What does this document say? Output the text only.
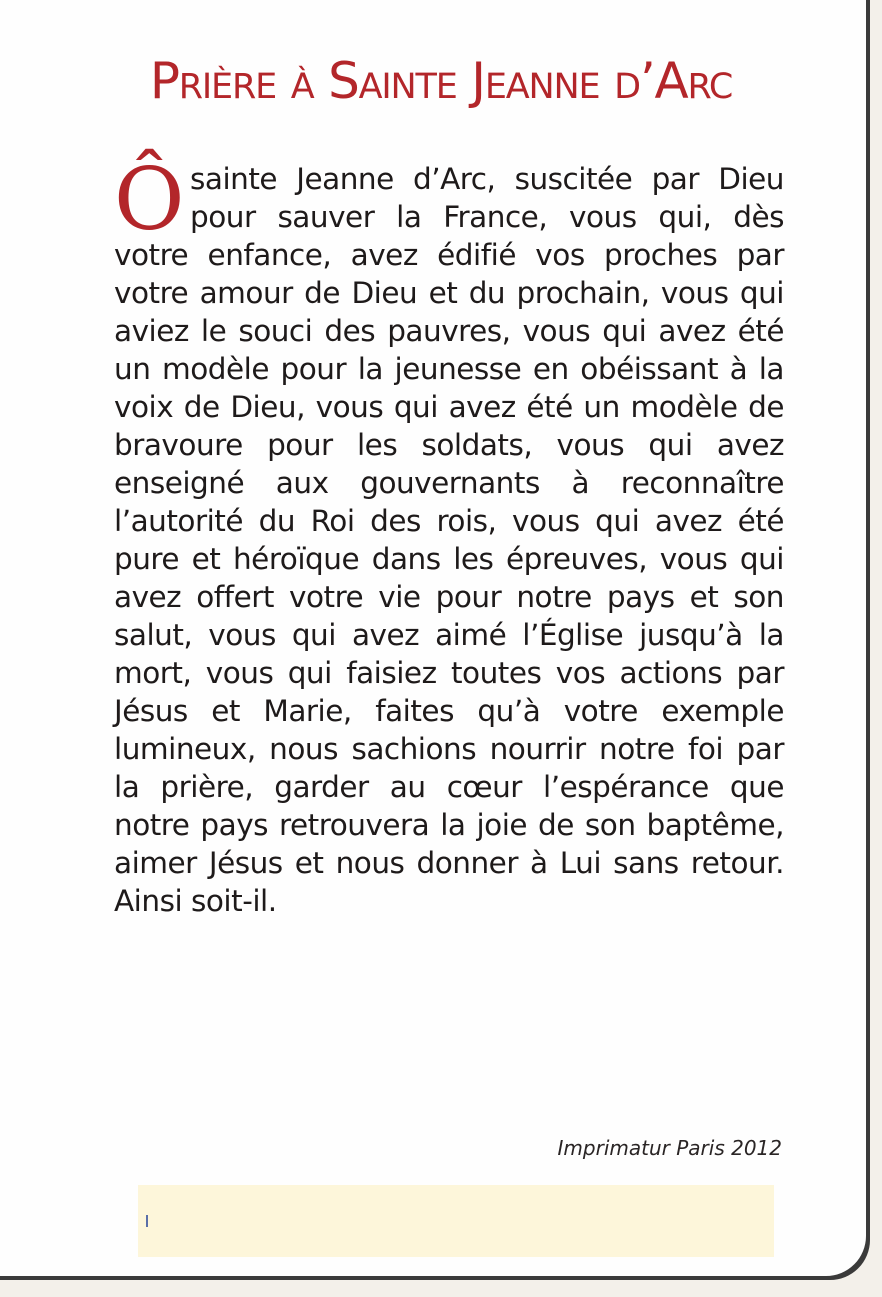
Prière à Sainte Jeanne d’Arc

Ô sainte Jeanne d’Arc, suscitée par Dieu pour sauver la France, vous qui, dès votre enfance, avez édifié vos proches par votre amour de Dieu et du prochain, vous qui aviez le souci des pauvres, vous qui avez été un modèle pour la jeunesse en obéissant à la voix de Dieu, vous qui avez été un modèle de bravoure pour les soldats, vous qui avez enseigné aux gouvernants à reconnaître l’autorité du Roi des rois, vous qui avez été pure et héroïque dans les épreuves, vous qui avez offert votre vie pour notre pays et son salut, vous qui avez aimé l’Église jusqu’à la mort, vous qui faisiez toutes vos actions par Jésus et Marie, faites qu’à votre exemple lumineux, nous sachions nourrir notre foi par la prière, garder au cœur l’espérance que notre pays retrouvera la joie de son baptême, aimer Jésus et nous donner à Lui sans retour. Ainsi soit-il.

Imprimatur Paris 2012
